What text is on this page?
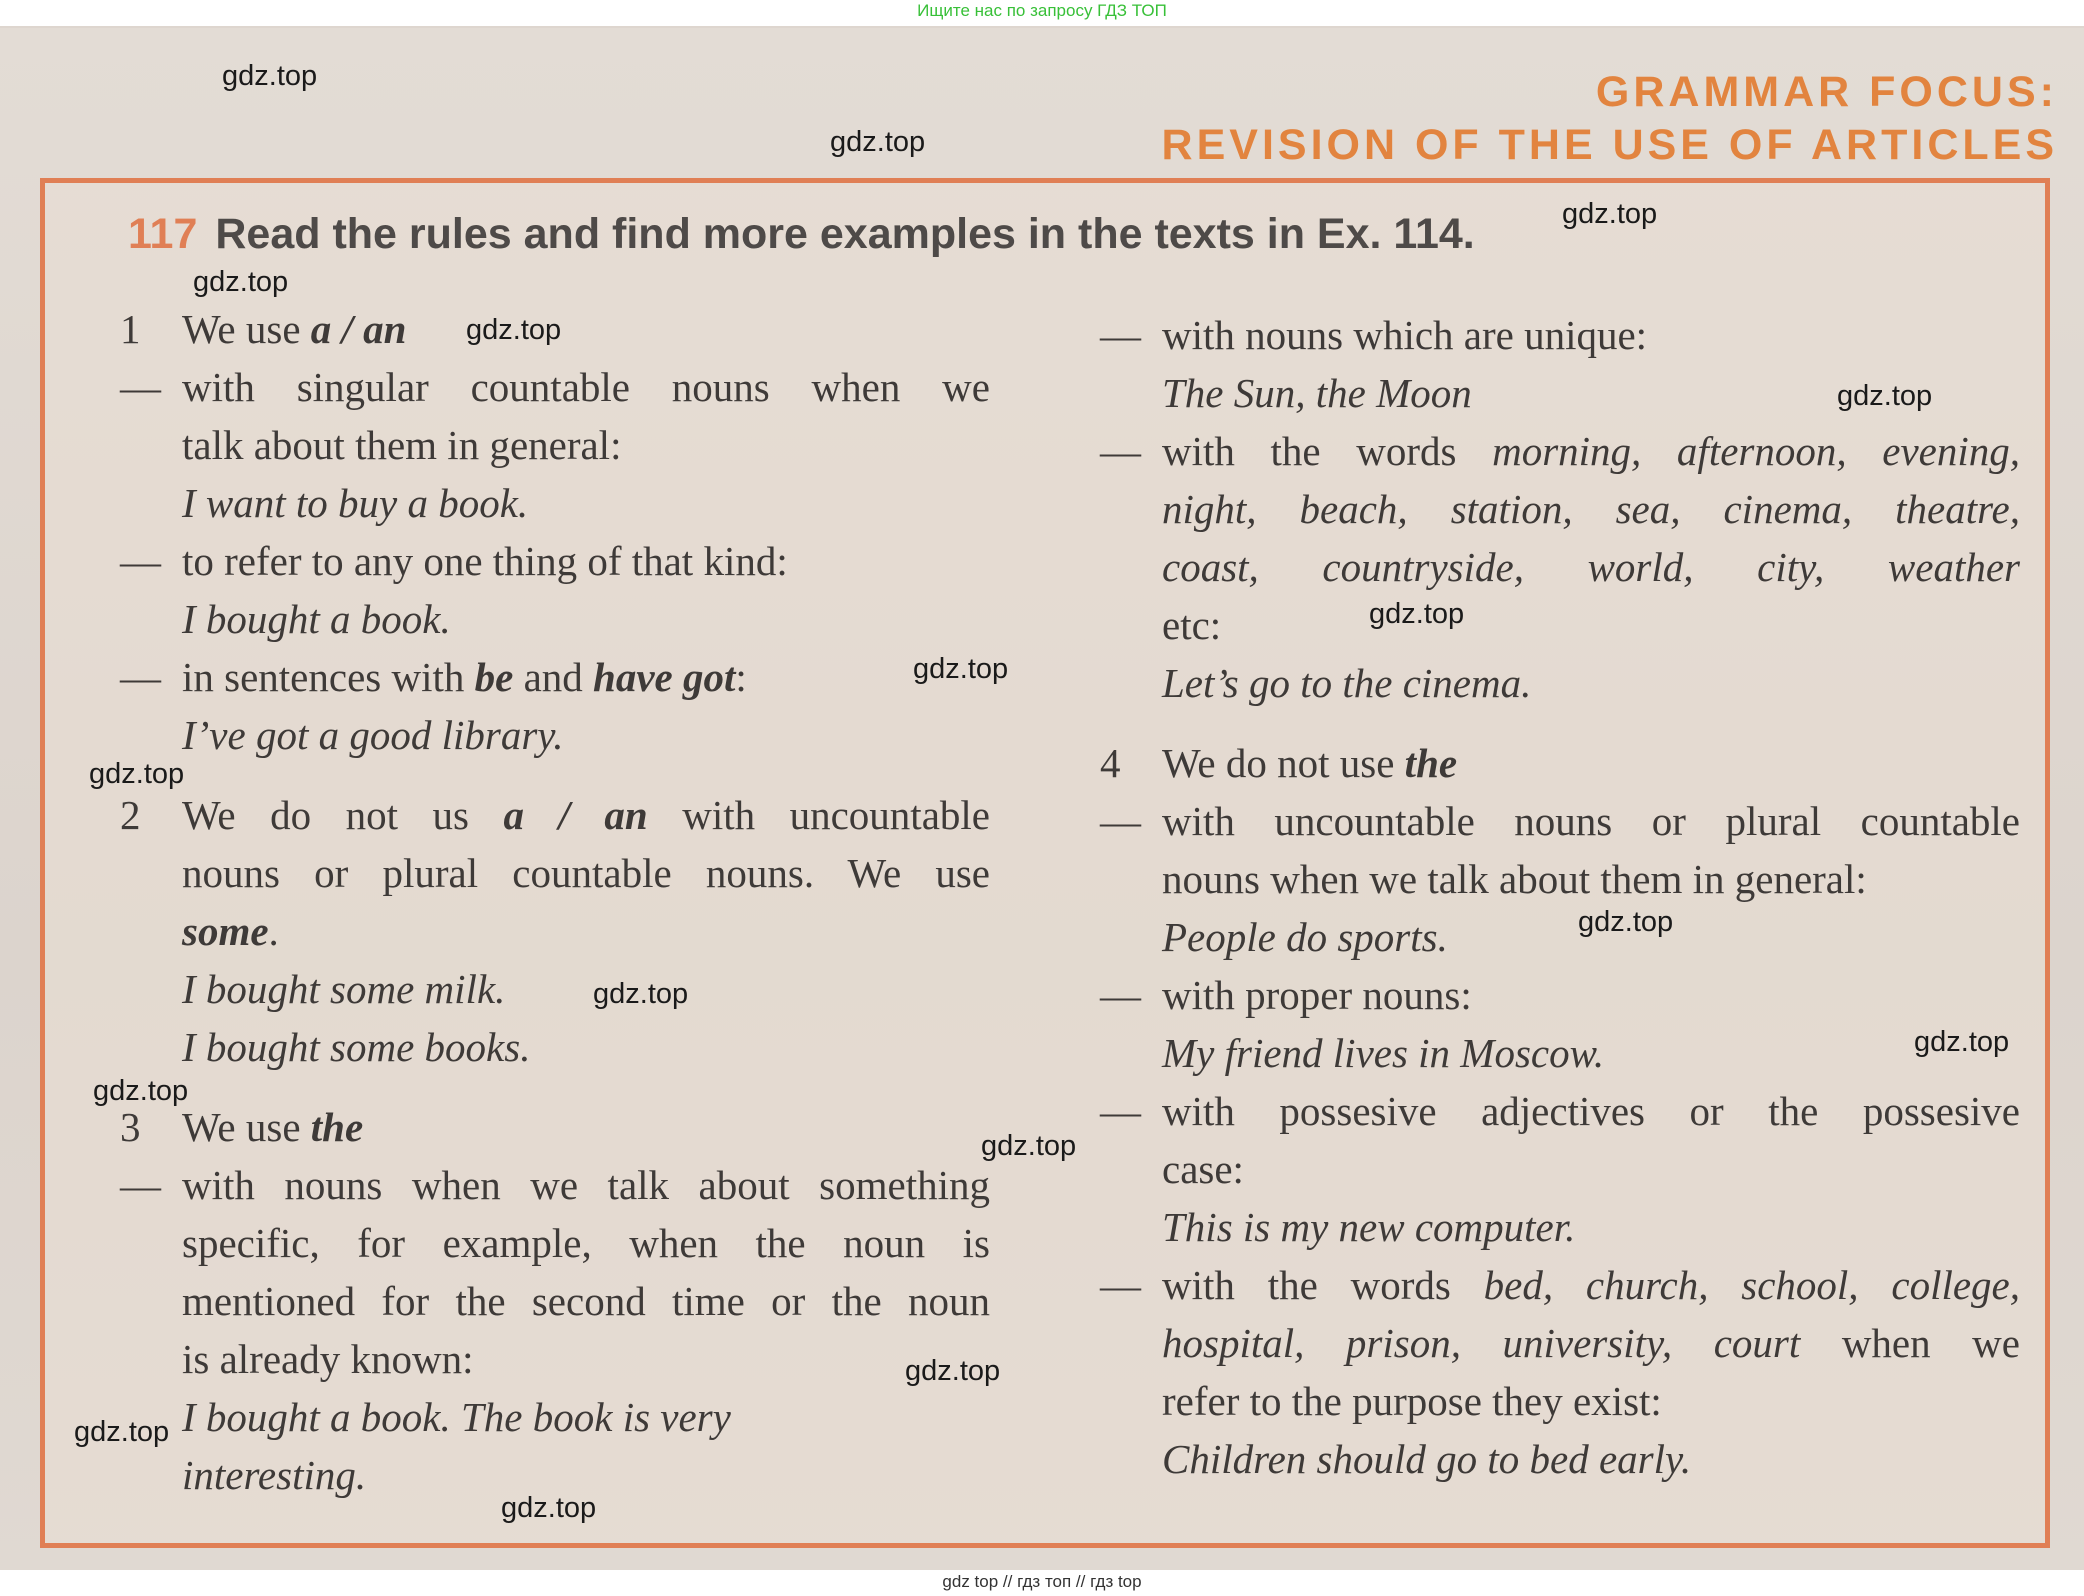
Ищите нас по запросу ГДЗ ТОП
GRAMMAR FOCUS:
REVISION OF THE USE OF ARTICLES
117 Read the rules and find more examples in the texts in Ex. 114.
1	We use a / an
— with singular countable nouns when we
talk about them in general:
I want to buy a book.
— to refer to any one thing of that kind:
I bought a book.
— in sentences with be and have got:
I’ve got a good library.
2	We do not us a / an with uncountable
nouns or plural countable nouns. We use
some.
I bought some milk.
I bought some books.
3	We use the
— with nouns when we talk about something
specific, for example, when the noun is
mentioned for the second time or the noun
is already known:
I bought a book. The book is very
interesting.
— with nouns which are unique:
The Sun, the Moon
— with the words morning, afternoon, evening,
night, beach, station, sea, cinema, theatre,
coast, countryside, world, city, weather
etc:
Let’s go to the cinema.
4	We do not use the
— with uncountable nouns or plural countable
nouns when we talk about them in general:
People do sports.
— with proper nouns:
My friend lives in Moscow.
— with possesive adjectives or the possesive
case:
This is my new computer.
— with the words bed, church, school, college,
hospital, prison, university, court when we
refer to the purpose they exist:
Children should go to bed early.
gdz.top
gdz.top
gdz.top
gdz.top
gdz.top
gdz.top
gdz.top
gdz.top
gdz.top
gdz.top
gdz.top
gdz.top
gdz.top
gdz.top
gdz.top
gdz.top
gdz.top
gdz top // гдз топ // гдз top
